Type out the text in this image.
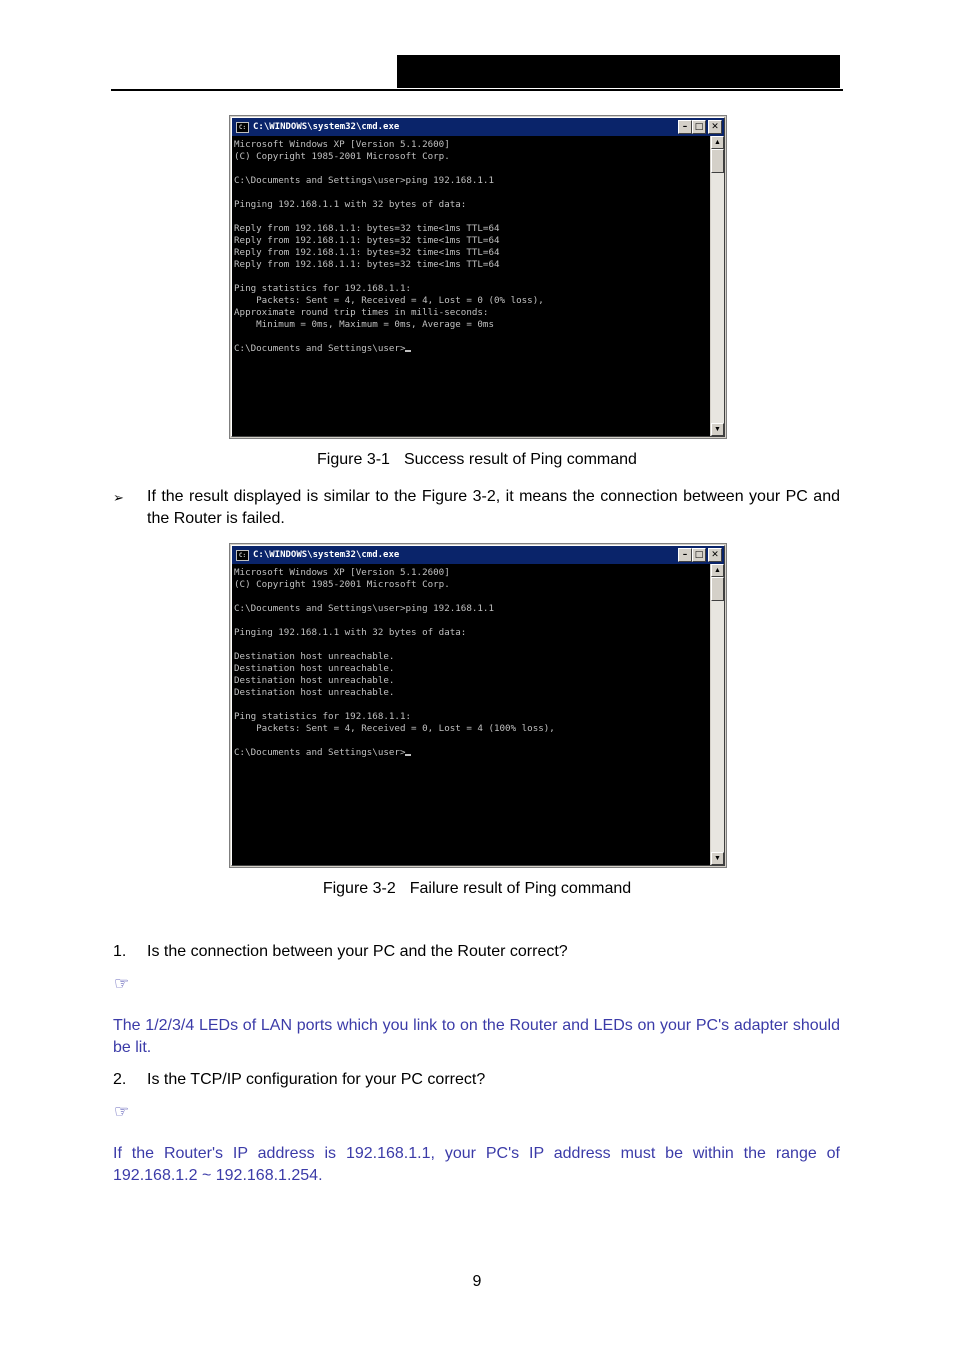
C: C:\WINDOWS\system32\cmd.exe	– □ ✕
Microsoft Windows XP [Version 5.1.2600]
(C) Copyright 1985-2001 Microsoft Corp.

C:\Documents and Settings\user>ping 192.168.1.1

Pinging 192.168.1.1 with 32 bytes of data:

Reply from 192.168.1.1: bytes=32 time<1ms TTL=64
Reply from 192.168.1.1: bytes=32 time<1ms TTL=64
Reply from 192.168.1.1: bytes=32 time<1ms TTL=64
Reply from 192.168.1.1: bytes=32 time<1ms TTL=64

Ping statistics for 192.168.1.1:
Packets: Sent = 4, Received = 4, Lost = 0 (0% loss),
Approximate round trip times in milli-seconds:
Minimum = 0ms, Maximum = 0ms, Average = 0ms

C:\Documents and Settings\user>
▲
▼
Figure 3-1 Success result of Ping command
➢ If the result displayed is similar to the Figure 3-2, it means the connection between your PC and the Router is failed.
C: C:\WINDOWS\system32\cmd.exe	– □ ✕
Microsoft Windows XP [Version 5.1.2600]
(C) Copyright 1985-2001 Microsoft Corp.

C:\Documents and Settings\user>ping 192.168.1.1

Pinging 192.168.1.1 with 32 bytes of data:

Destination host unreachable.
Destination host unreachable.
Destination host unreachable.
Destination host unreachable.

Ping statistics for 192.168.1.1:
Packets: Sent = 4, Received = 0, Lost = 4 (100% loss),

C:\Documents and Settings\user>
▲
▼
Figure 3-2 Failure result of Ping command
1. Is the connection between your PC and the Router correct?
☞
The 1/2/3/4 LEDs of LAN ports which you link to on the Router and LEDs on your PC's adapter should be lit.
2. Is the TCP/IP configuration for your PC correct?
☞
If the Router's IP address is 192.168.1.1, your PC's IP address must be within the range of 192.168.1.2 ~ 192.168.1.254.
9
